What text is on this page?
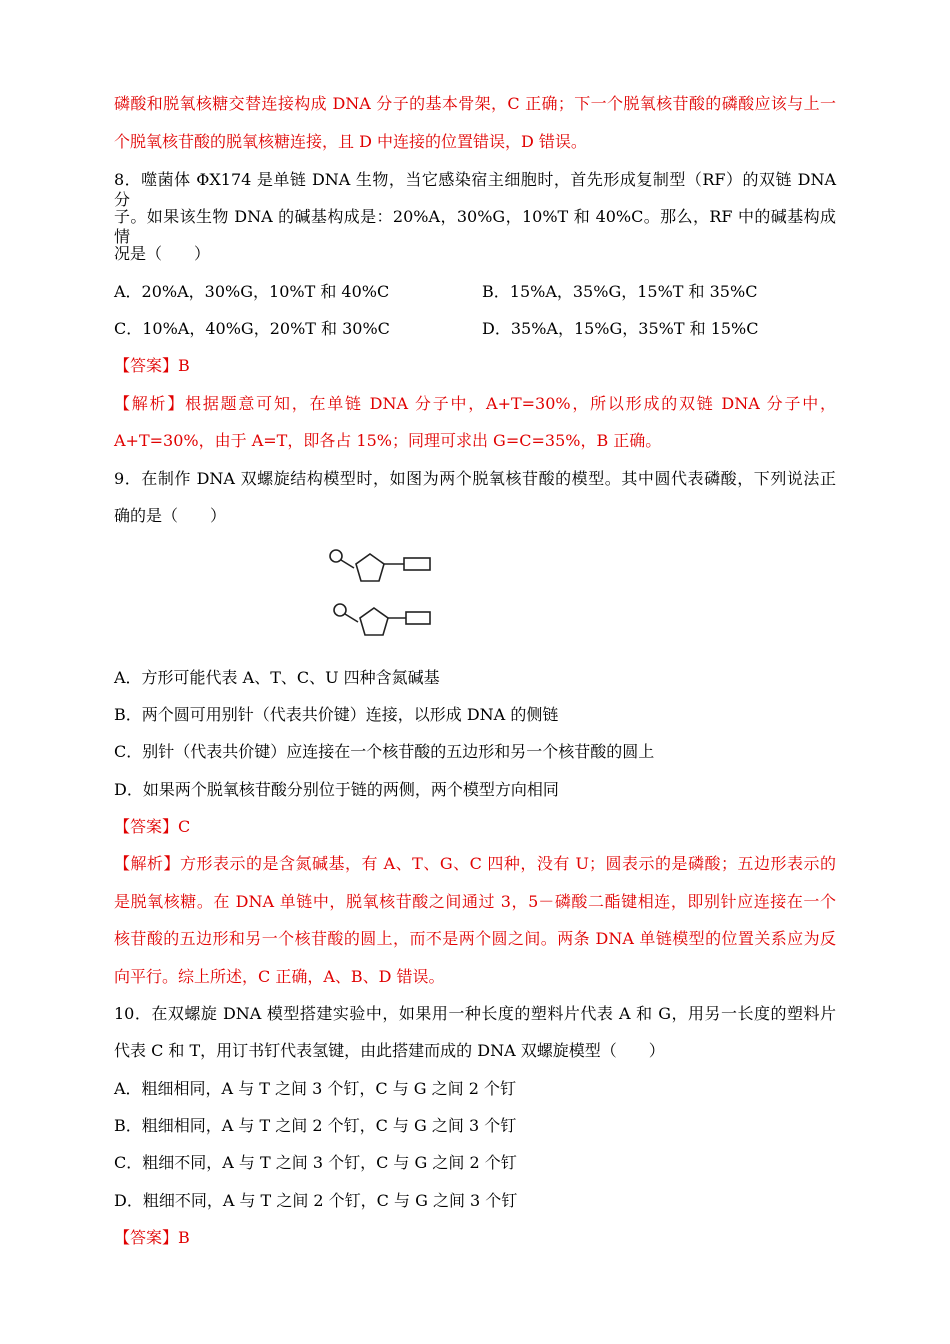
磷酸和脱氧核糖交替连接构成 DNA 分子的基本骨架，C 正确；下一个脱氧核苷酸的磷酸应该与上一
个脱氧核苷酸的脱氧核糖连接，且 D 中连接的位置错误，D 错误。
8．噬菌体 ΦX174 是单链 DNA 生物，当它感染宿主细胞时，首先形成复制型（RF）的双链 DNA 分
子。如果该生物 DNA 的碱基构成是：20%A，30%G，10%T 和 40%C。那么，RF 中的碱基构成情
况是（　　）
A．20%A，30%G，10%T 和 40%C	B．15%A，35%G，15%T 和 35%C
C．10%A，40%G，20%T 和 30%C	D．35%A，15%G，35%T 和 15%C
【答案】B
【解析】根据题意可知，在单链 DNA 分子中，A+T=30%，所以形成的双链 DNA 分子中，
A+T=30%，由于 A=T，即各占 15%；同理可求出 G=C=35%，B 正确。
9．在制作 DNA 双螺旋结构模型时，如图为两个脱氧核苷酸的模型。其中圆代表磷酸，下列说法正
确的是（　　）
A．方形可能代表 A、T、C、U 四种含氮碱基
B．两个圆可用别针（代表共价键）连接，以形成 DNA 的侧链
C．别针（代表共价键）应连接在一个核苷酸的五边形和另一个核苷酸的圆上
D．如果两个脱氧核苷酸分别位于链的两侧，两个模型方向相同
【答案】C
【解析】方形表示的是含氮碱基，有 A、T、G、C 四种，没有 U；圆表示的是磷酸；五边形表示的
是脱氧核糖。在 DNA 单链中，脱氧核苷酸之间通过 3，5－磷酸二酯键相连，即别针应连接在一个
核苷酸的五边形和另一个核苷酸的圆上，而不是两个圆之间。两条 DNA 单链模型的位置关系应为反
向平行。综上所述，C 正确，A、B、D 错误。
10．在双螺旋 DNA 模型搭建实验中，如果用一种长度的塑料片代表 A 和 G，用另一长度的塑料片
代表 C 和 T，用订书钉代表氢键，由此搭建而成的 DNA 双螺旋模型（　　）
A．粗细相同，A 与 T 之间 3 个钉，C 与 G 之间 2 个钉
B．粗细相同，A 与 T 之间 2 个钉，C 与 G 之间 3 个钉
C．粗细不同，A 与 T 之间 3 个钉，C 与 G 之间 2 个钉
D．粗细不同，A 与 T 之间 2 个钉，C 与 G 之间 3 个钉
【答案】B
